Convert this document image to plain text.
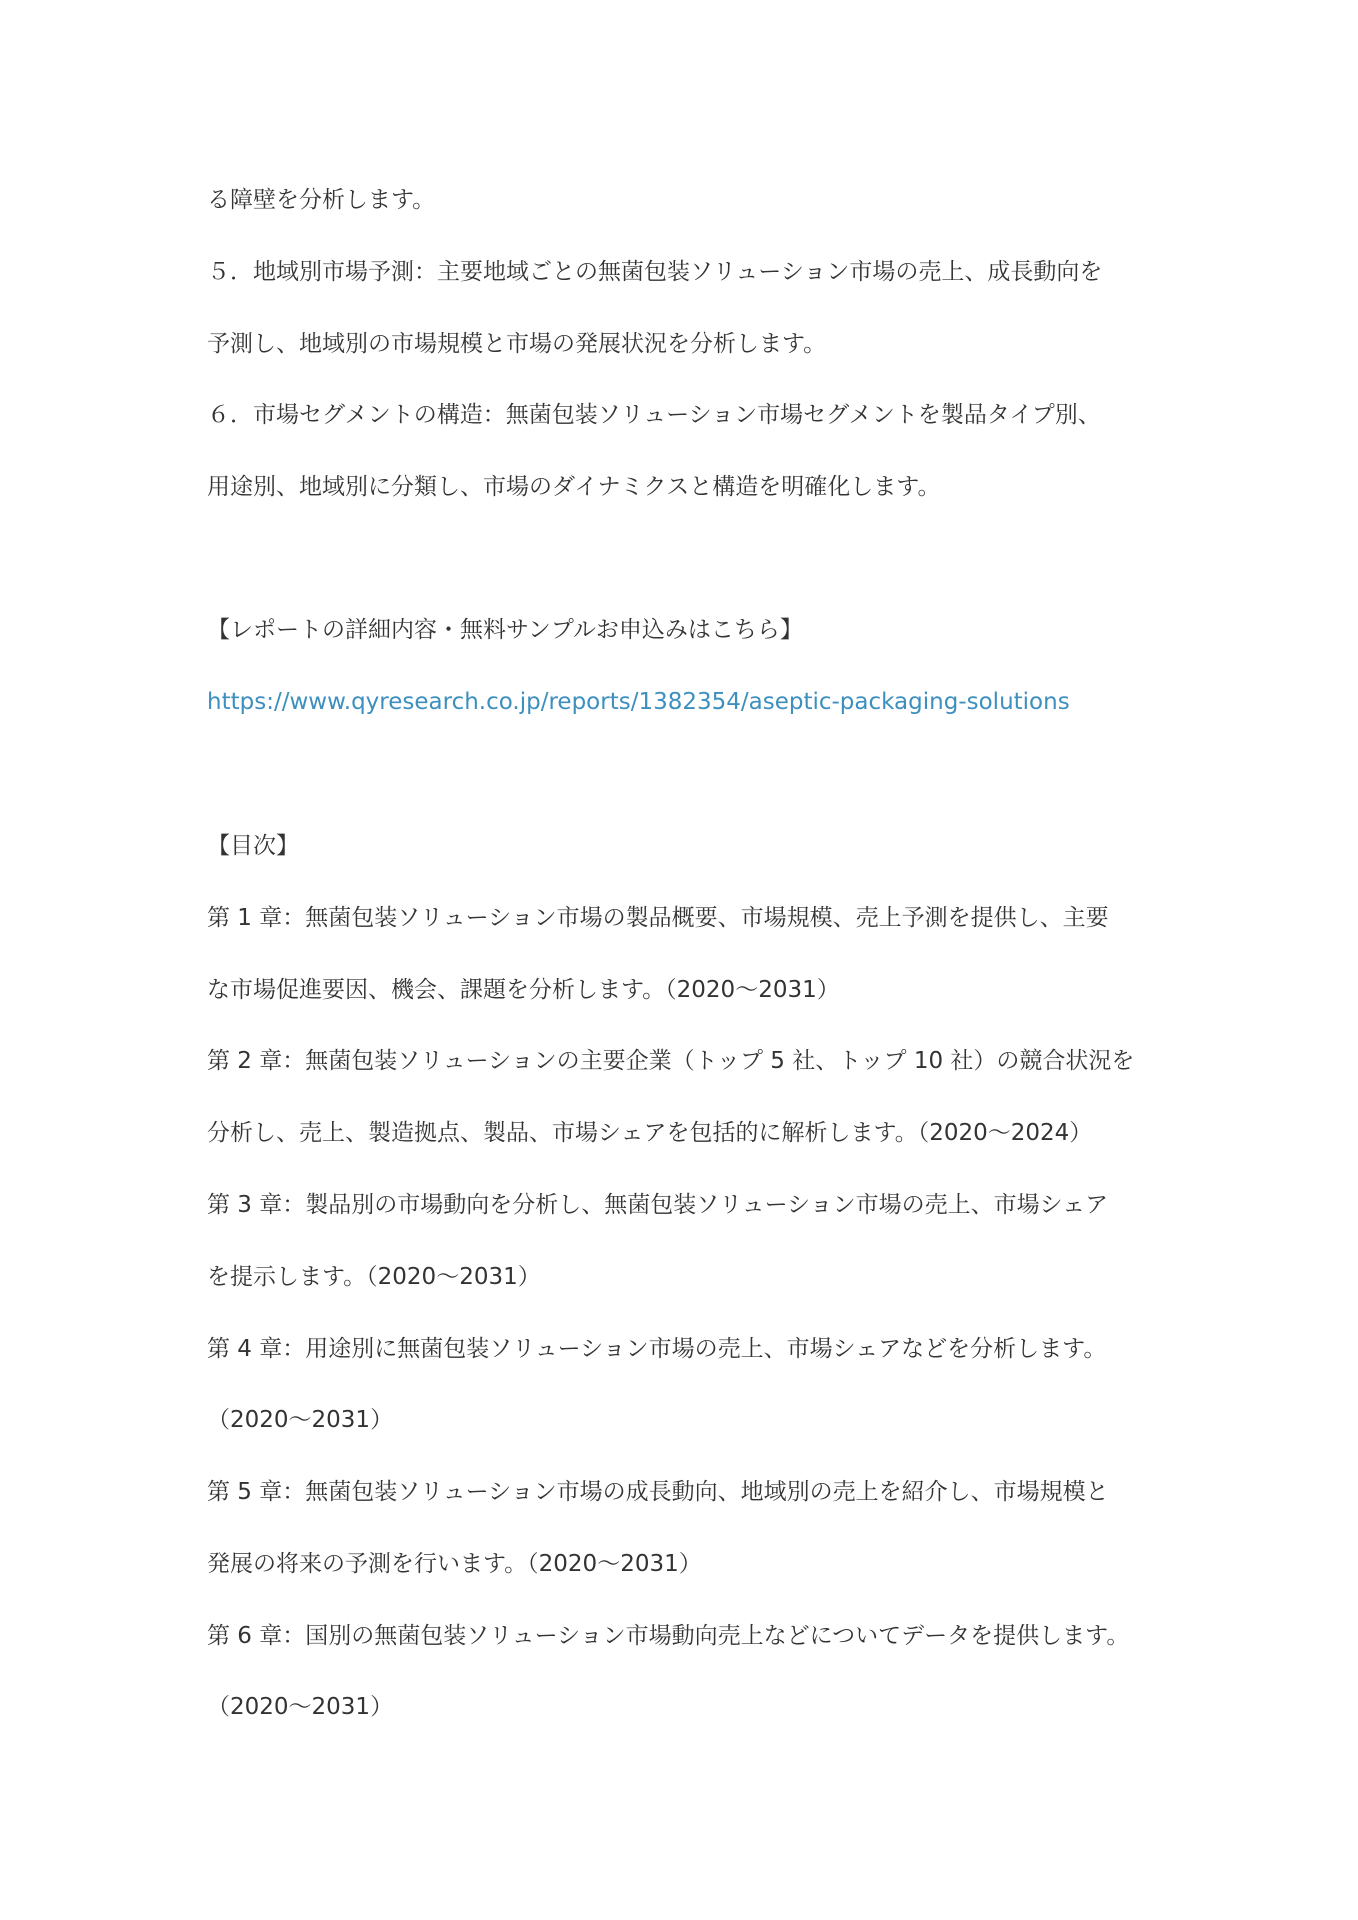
る障壁を分析します。
５．地域別市場予測：主要地域ごとの無菌包装ソリューション市場の売上、成長動向を
予測し、地域別の市場規模と市場の発展状況を分析します。
６．市場セグメントの構造：無菌包装ソリューション市場セグメントを製品タイプ別、
用途別、地域別に分類し、市場のダイナミクスと構造を明確化します。
【レポートの詳細内容・無料サンプルお申込みはこちら】
https://www.qyresearch.co.jp/reports/1382354/aseptic-packaging-solutions
【目次】
第 1 章：無菌包装ソリューション市場の製品概要、市場規模、売上予測を提供し、主要
な市場促進要因、機会、課題を分析します。（2020～2031）
第 2 章：無菌包装ソリューションの主要企業（トップ 5 社、トップ 10 社）の競合状況を
分析し、売上、製造拠点、製品、市場シェアを包括的に解析します。（2020～2024）
第 3 章：製品別の市場動向を分析し、無菌包装ソリューション市場の売上、市場シェア
を提示します。（2020～2031）
第 4 章：用途別に無菌包装ソリューション市場の売上、市場シェアなどを分析します。
（2020～2031）
第 5 章：無菌包装ソリューション市場の成長動向、地域別の売上を紹介し、市場規模と
発展の将来の予測を行います。（2020～2031）
第 6 章：国別の無菌包装ソリューション市場動向売上などについてデータを提供します。
（2020～2031）
